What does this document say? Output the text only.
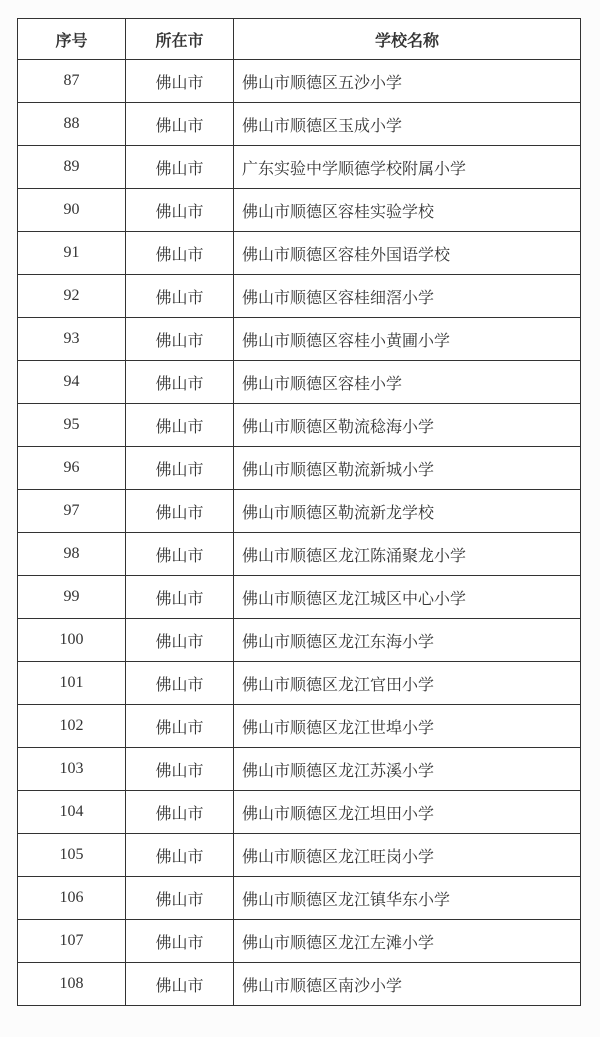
序号	所在市	学校名称
87	佛山市	佛山市顺德区五沙小学
88	佛山市	佛山市顺德区玉成小学
89	佛山市	广东实验中学顺德学校附属小学
90	佛山市	佛山市顺德区容桂实验学校
91	佛山市	佛山市顺德区容桂外国语学校
92	佛山市	佛山市顺德区容桂细滘小学
93	佛山市	佛山市顺德区容桂小黄圃小学
94	佛山市	佛山市顺德区容桂小学
95	佛山市	佛山市顺德区勒流稔海小学
96	佛山市	佛山市顺德区勒流新城小学
97	佛山市	佛山市顺德区勒流新龙学校
98	佛山市	佛山市顺德区龙江陈涌聚龙小学
99	佛山市	佛山市顺德区龙江城区中心小学
100	佛山市	佛山市顺德区龙江东海小学
101	佛山市	佛山市顺德区龙江官田小学
102	佛山市	佛山市顺德区龙江世埠小学
103	佛山市	佛山市顺德区龙江苏溪小学
104	佛山市	佛山市顺德区龙江坦田小学
105	佛山市	佛山市顺德区龙江旺岗小学
106	佛山市	佛山市顺德区龙江镇华东小学
107	佛山市	佛山市顺德区龙江左滩小学
108	佛山市	佛山市顺德区南沙小学
